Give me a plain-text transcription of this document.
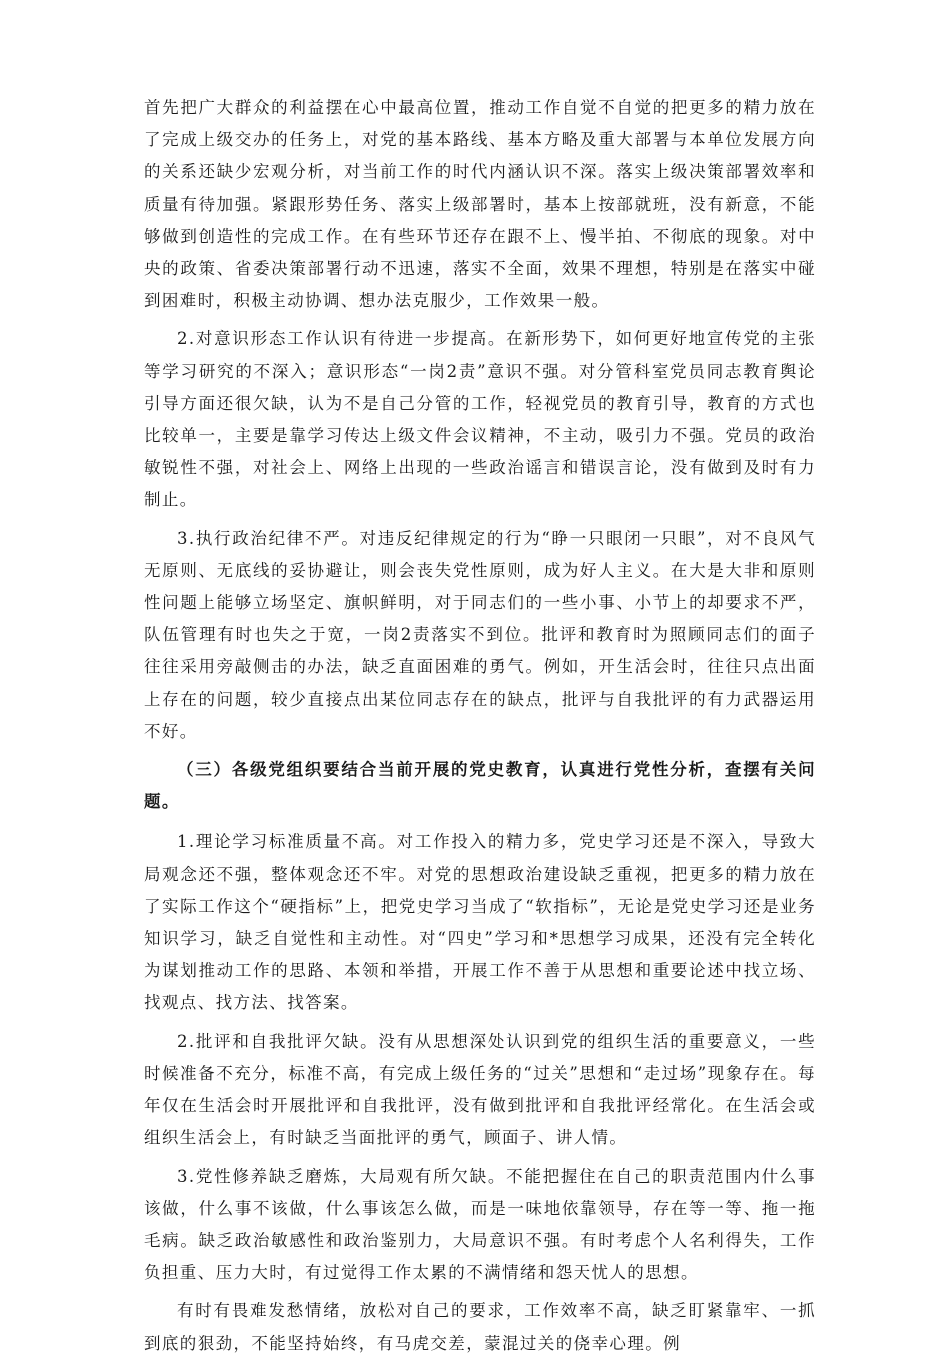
首先把广大群众的利益摆在心中最高位置，推动工作自觉不自觉的把更多的精力放在了完成上级交办的任务上，对党的基本路线、基本方略及重大部署与本单位发展方向的关系还缺少宏观分析，对当前工作的时代内涵认识不深。落实上级决策部署效率和质量有待加强。紧跟形势任务、落实上级部署时，基本上按部就班，没有新意，不能够做到创造性的完成工作。在有些环节还存在跟不上、慢半拍、不彻底的现象。对中央的政策、省委决策部署行动不迅速，落实不全面，效果不理想，特别是在落实中碰到困难时，积极主动协调、想办法克服少，工作效果一般。

2.对意识形态工作认识有待进一步提高。在新形势下，如何更好地宣传党的主张等学习研究的不深入；意识形态“一岗2责”意识不强。对分管科室党员同志教育舆论引导方面还很欠缺，认为不是自己分管的工作，轻视党员的教育引导，教育的方式也比较单一，主要是靠学习传达上级文件会议精神，不主动，吸引力不强。党员的政治敏锐性不强，对社会上、网络上出现的一些政治谣言和错误言论，没有做到及时有力制止。

3.执行政治纪律不严。对违反纪律规定的行为“睁一只眼闭一只眼”，对不良风气无原则、无底线的妥协避让，则会丧失党性原则，成为好人主义。在大是大非和原则性问题上能够立场坚定、旗帜鲜明，对于同志们的一些小事、小节上的却要求不严，队伍管理有时也失之于宽，一岗2责落实不到位。批评和教育时为照顾同志们的面子往往采用旁敲侧击的办法，缺乏直面困难的勇气。例如，开生活会时，往往只点出面上存在的问题，较少直接点出某位同志存在的缺点，批评与自我批评的有力武器运用不好。

（三）各级党组织要结合当前开展的党史教育，认真进行党性分析，查摆有关问题。

1.理论学习标准质量不高。对工作投入的精力多，党史学习还是不深入，导致大局观念还不强，整体观念还不牢。对党的思想政治建设缺乏重视，把更多的精力放在了实际工作这个“硬指标”上，把党史学习当成了“软指标”，无论是党史学习还是业务知识学习，缺乏自觉性和主动性。对“四史”学习和*思想学习成果，还没有完全转化为谋划推动工作的思路、本领和举措，开展工作不善于从思想和重要论述中找立场、找观点、找方法、找答案。

2.批评和自我批评欠缺。没有从思想深处认识到党的组织生活的重要意义，一些时候准备不充分，标准不高，有完成上级任务的“过关”思想和“走过场”现象存在。每年仅在生活会时开展批评和自我批评，没有做到批评和自我批评经常化。在生活会或组织生活会上，有时缺乏当面批评的勇气，顾面子、讲人情。

3.党性修养缺乏磨炼，大局观有所欠缺。不能把握住在自己的职责范围内什么事该做，什么事不该做，什么事该怎么做，而是一味地依靠领导，存在等一等、拖一拖毛病。缺乏政治敏感性和政治鉴别力，大局意识不强。有时考虑个人名利得失，工作负担重、压力大时，有过觉得工作太累的不满情绪和怨天忧人的思想。

有时有畏难发愁情绪，放松对自己的要求，工作效率不高，缺乏盯紧靠牢、一抓到底的狠劲，不能坚持始终，有马虎交差，蒙混过关的侥幸心理。例
